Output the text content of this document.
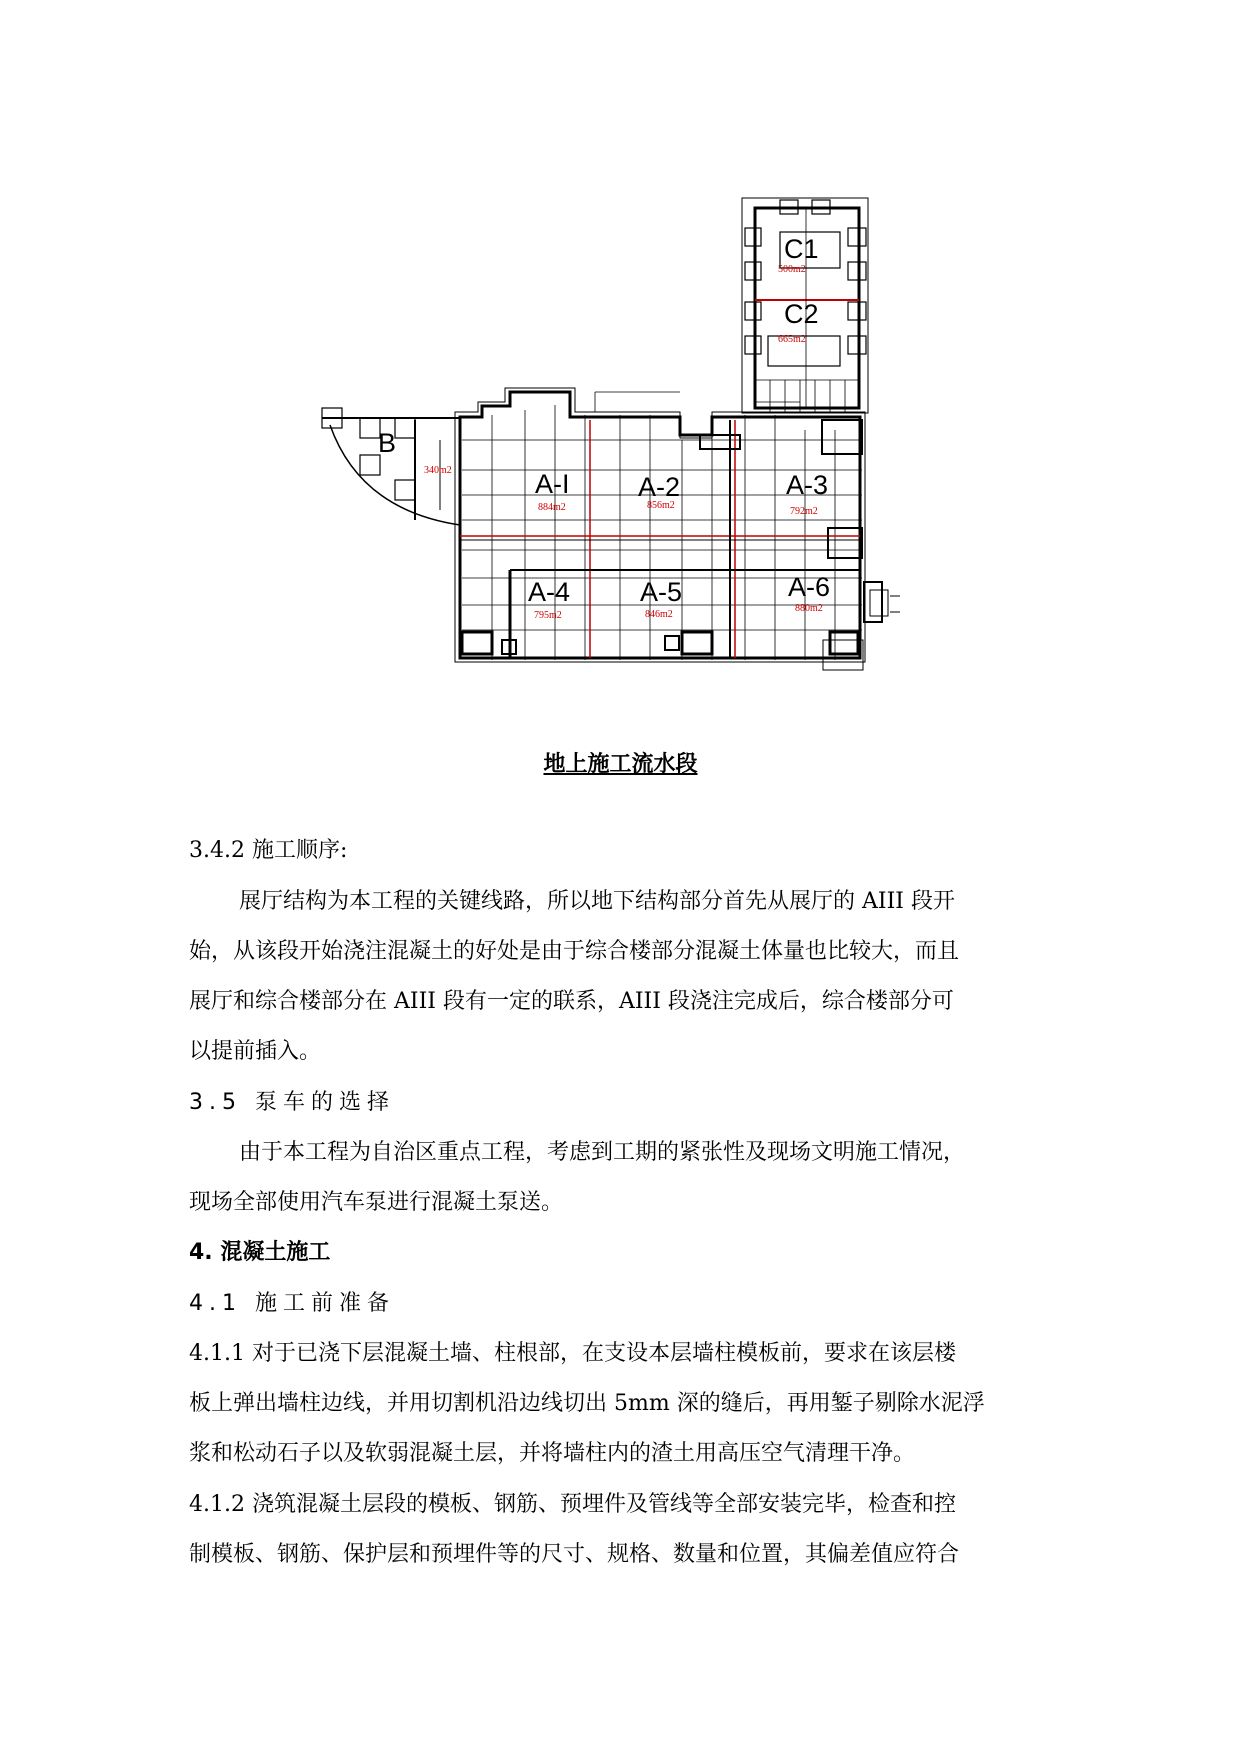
C1
C2
B
A-I	A-2	A-3
A-4	A-5	A-6
500m2
665m2
340m2
884m2	856m2
792m2
795m2	846m2
880m2
地上施工流水段
3.4.2 施工顺序:
展厅结构为本工程的关键线路，所以地下结构部分首先从展厅的 AIII 段开
始，从该段开始浇注混凝土的好处是由于综合楼部分混凝土体量也比较大，而且
展厅和综合楼部分在 AIII 段有一定的联系，AIII 段浇注完成后，综合楼部分可
以提前插入。
3.5 泵车的选择
由于本工程为自治区重点工程，考虑到工期的紧张性及现场文明施工情况，
现场全部使用汽车泵进行混凝土泵送。
4. 混凝土施工
4.1 施工前准备
4.1.1 对于已浇下层混凝土墙、柱根部，在支设本层墙柱模板前，要求在该层楼
板上弹出墙柱边线，并用切割机沿边线切出 5mm 深的缝后，再用錾子剔除水泥浮
浆和松动石子以及软弱混凝土层，并将墙柱内的渣土用高压空气清理干净。
4.1.2 浇筑混凝土层段的模板、钢筋、预埋件及管线等全部安装完毕，检查和控
制模板、钢筋、保护层和预埋件等的尺寸、规格、数量和位置，其偏差值应符合
